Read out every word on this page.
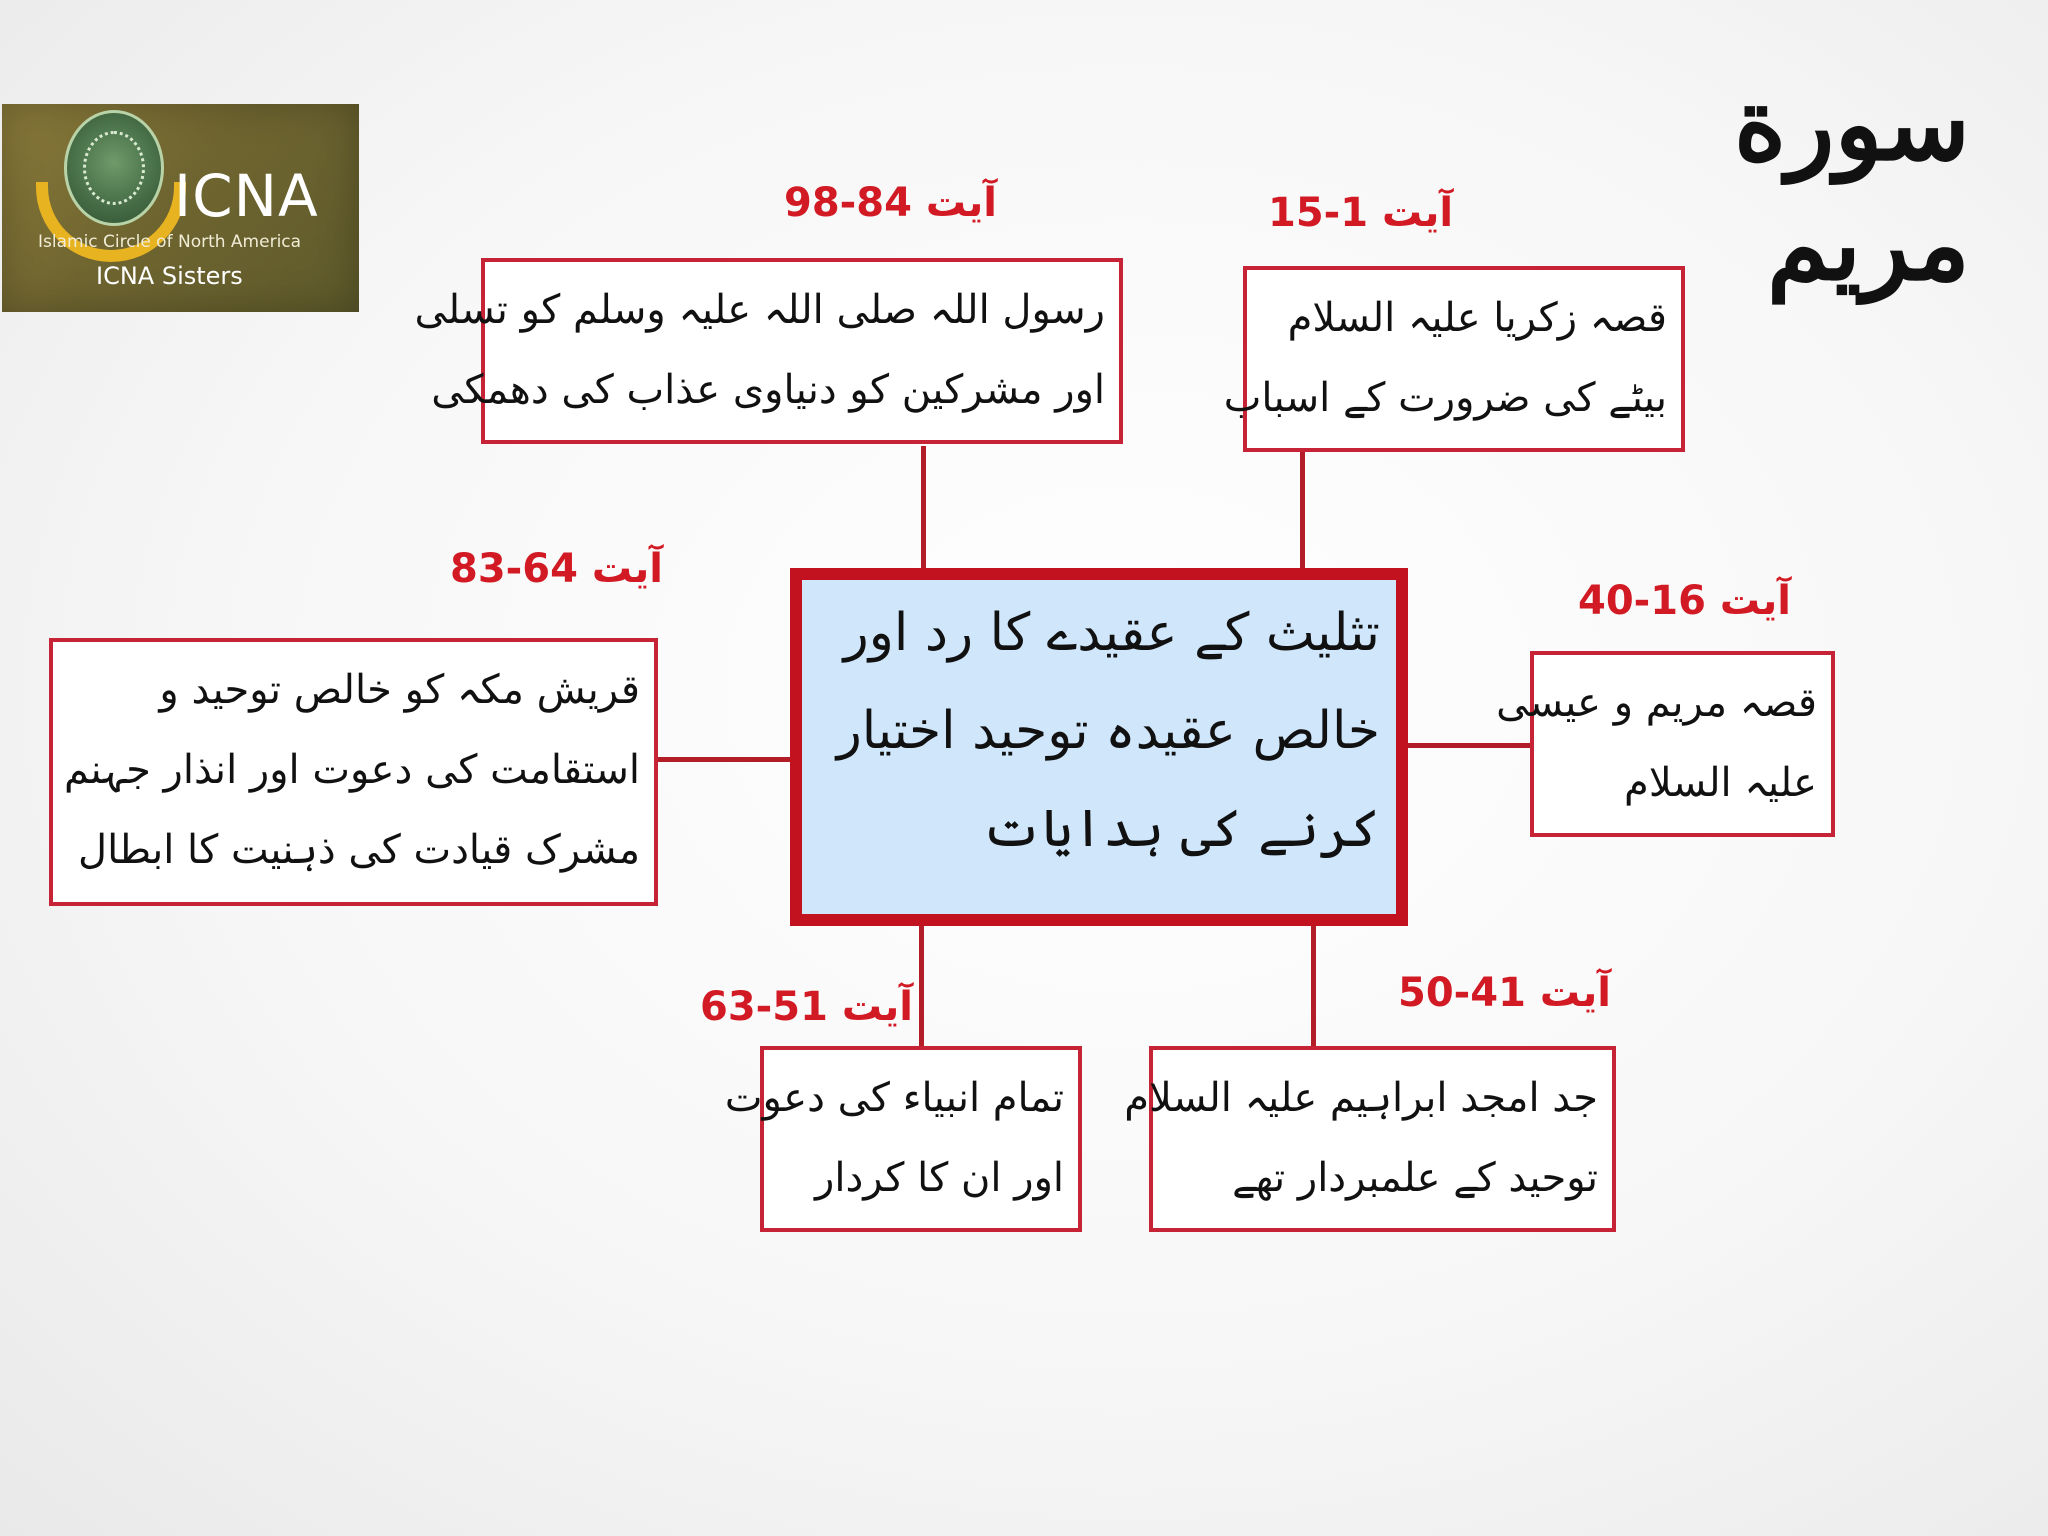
ICNA
Islamic Circle of North America
ICNA Sisters
سورة مریم
تثلیث کے عقیدے کا رد اور
خالص عقیدہ توحید اختیار
کرنے کی ہدایات
آیت 84-98
رسول اللہ صلی اللہ علیہ وسلم کو تسلی
اور مشرکین کو دنیاوی عذاب کی دھمکی
آیت 1-15
قصہ زکریا علیہ السلام
بیٹے کی ضرورت کے اسباب
آیت 64-83
قریش مکہ کو خالص توحید و
استقامت کی دعوت اور انذار جہنم
مشرک قیادت کی ذہنیت کا ابطال
آیت 16-40
قصہ مریم و عیسی
علیہ السلام
آیت 51-63
تمام انبیاء کی دعوت
اور ان کا کردار
آیت 41-50
جد امجد ابراہیم علیہ السلام
توحید کے علمبردار تھے
